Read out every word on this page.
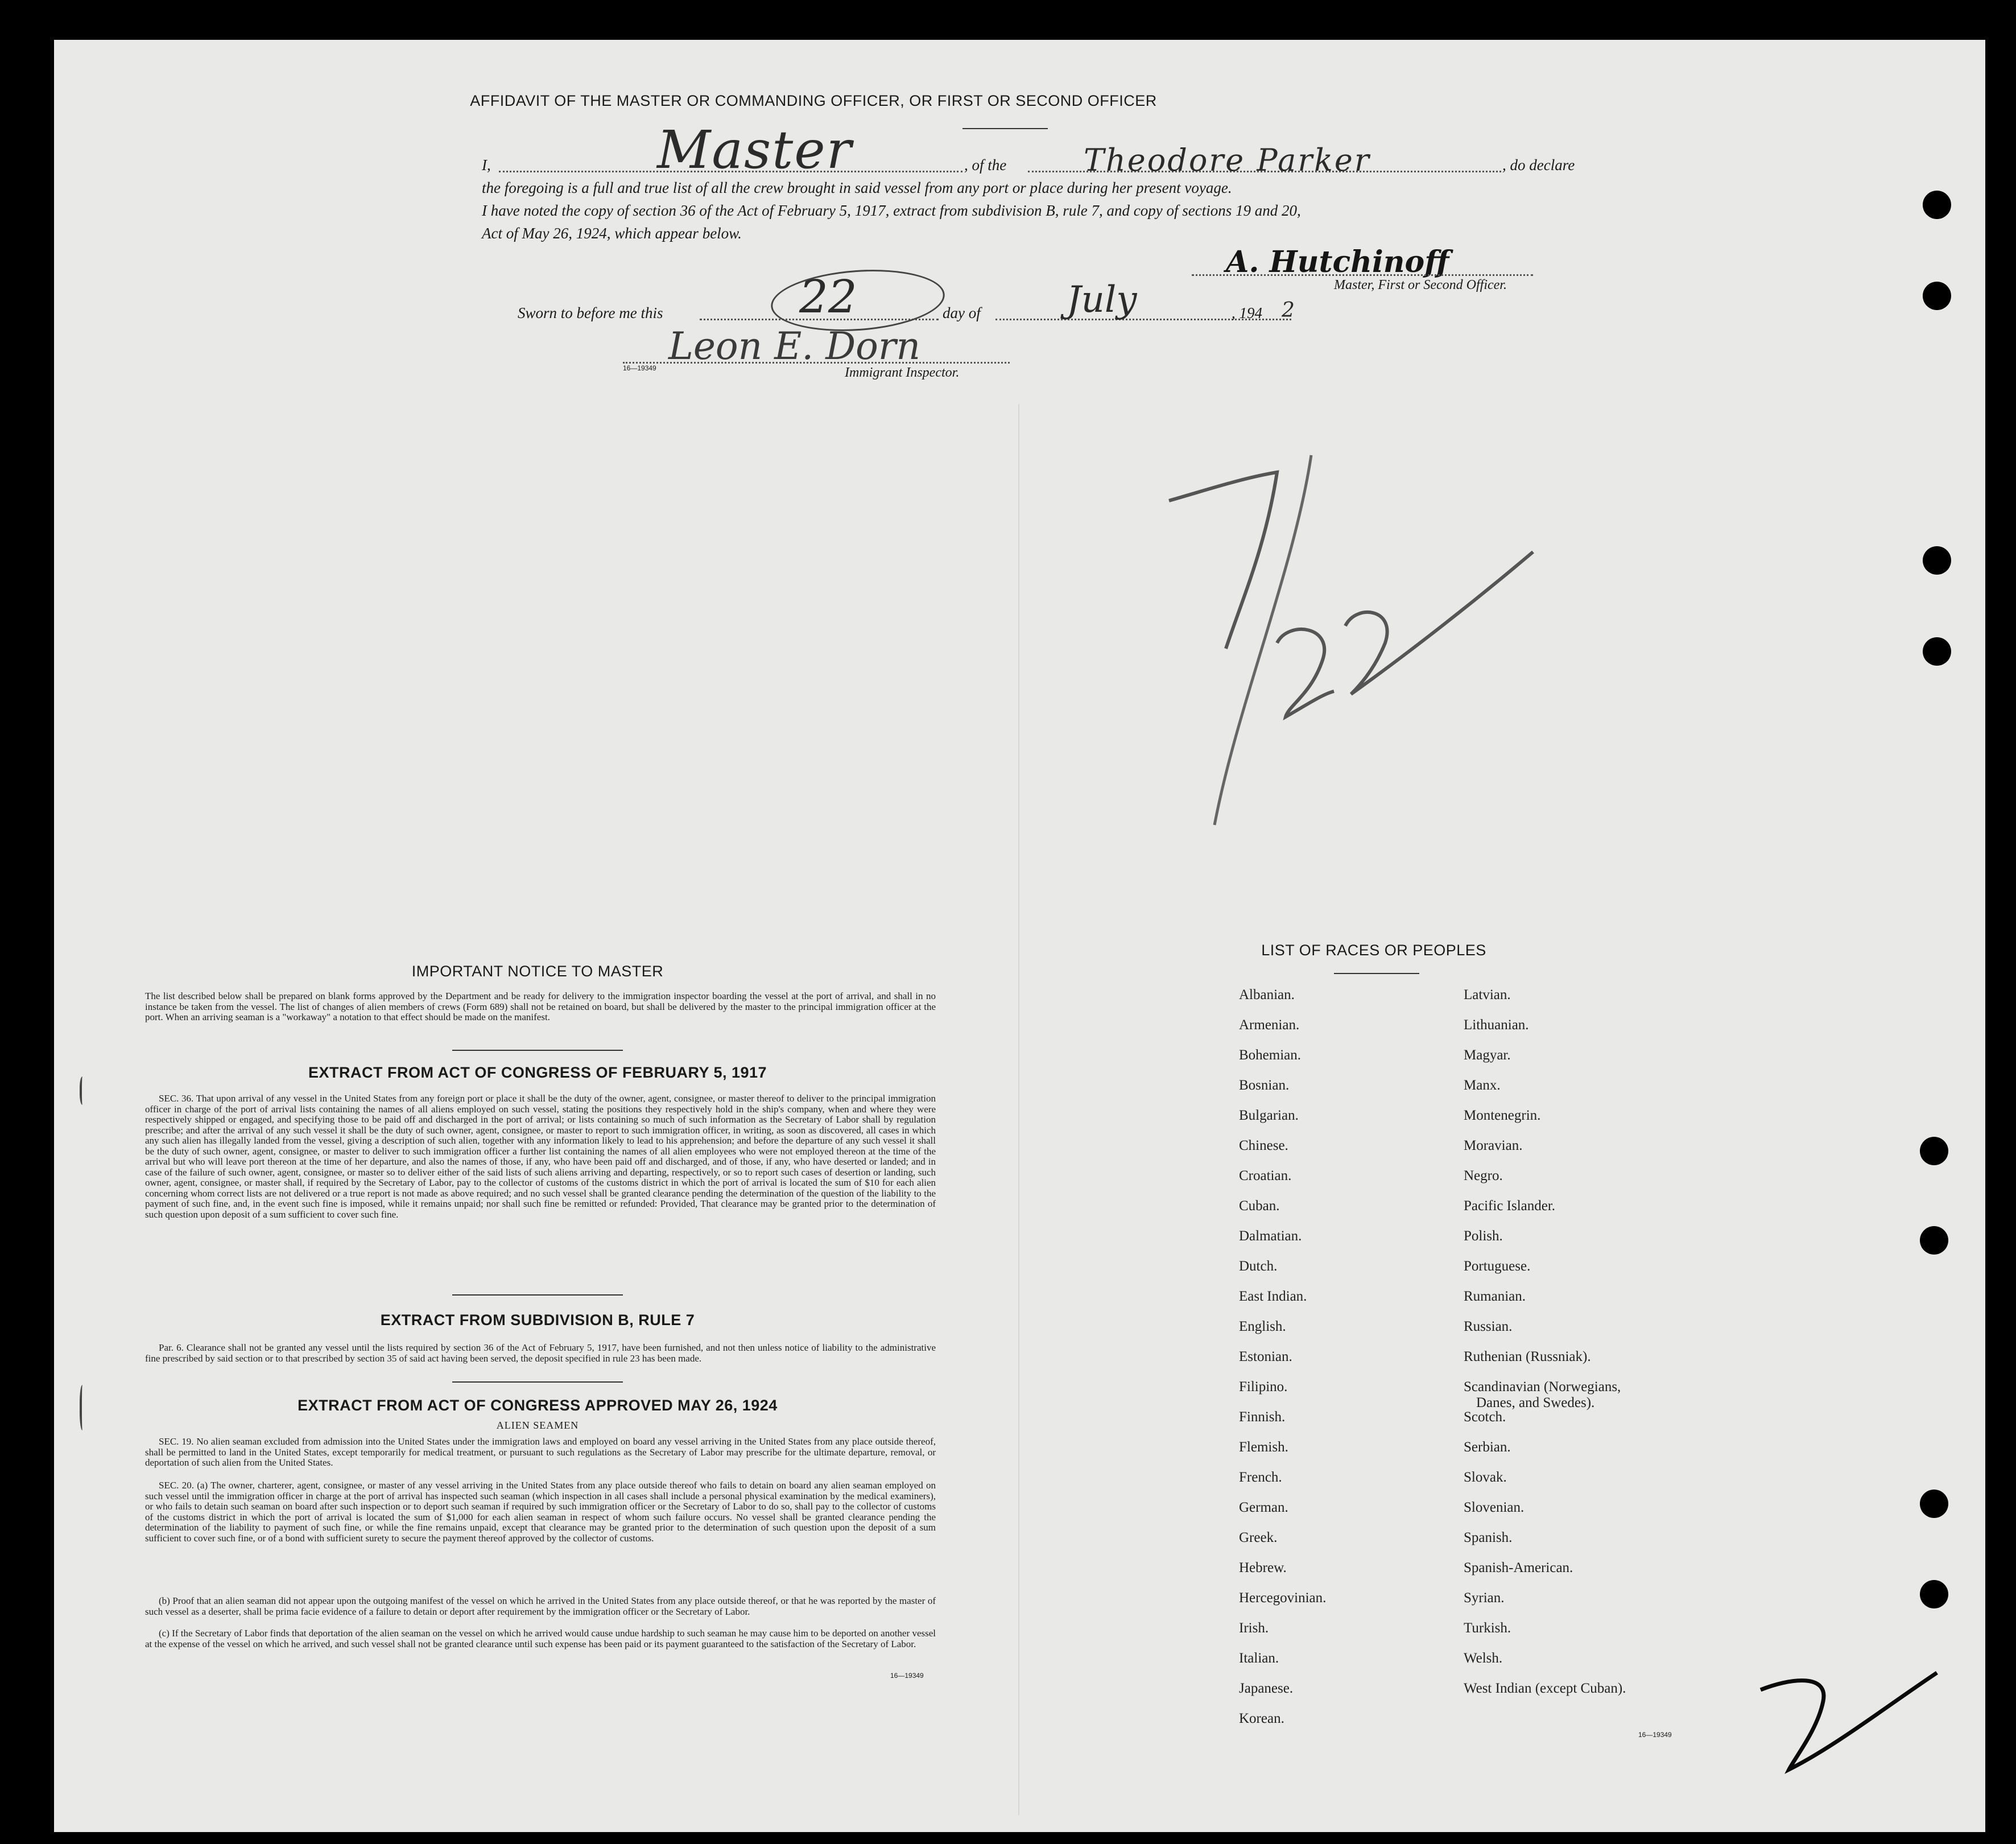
AFFIDAVIT OF THE MASTER OR COMMANDING OFFICER, OR FIRST OR SECOND OFFICER
I,	Master	, of the	Theodore Parker	, do declare
the foregoing is a full and true list of all the crew brought in said vessel from any port or place during her present voyage.
I have noted the copy of section 36 of the Act of February 5, 1917, extract from subdivision B, rule 7, and copy of sections 19 and 20,
Act of May 26, 1924, which appear below.
A. Hutchinoff
Master, First or Second Officer.
Sworn to before me this	22	day of July	, 194 2
Leon E. Dorn
16—19349	Immigrant Inspector.
IMPORTANT NOTICE TO MASTER
The list described below shall be prepared on blank forms approved by the Department and be ready for delivery to the immigration inspector boarding the vessel at the port of arrival, and shall in no instance be taken from the vessel. The list of changes of alien members of crews (Form 689) shall not be retained on board, but shall be delivered by the master to the principal immigration officer at the port. When an arriving seaman is a "workaway" a notation to that effect should be made on the manifest.
EXTRACT FROM ACT OF CONGRESS OF FEBRUARY 5, 1917
SEC. 36. That upon arrival of any vessel in the United States from any foreign port or place it shall be the duty of the owner, agent, consignee, or master thereof to deliver to the principal immigration officer in charge of the port of arrival lists containing the names of all aliens employed on such vessel, stating the positions they respectively hold in the ship's company, when and where they were respectively shipped or engaged, and specifying those to be paid off and discharged in the port of arrival; or lists containing so much of such information as the Secretary of Labor shall by regulation prescribe; and after the arrival of any such vessel it shall be the duty of such owner, agent, consignee, or master to report to such immigration officer, in writing, as soon as discovered, all cases in which any such alien has illegally landed from the vessel, giving a description of such alien, together with any information likely to lead to his apprehension; and before the departure of any such vessel it shall be the duty of such owner, agent, consignee, or master to deliver to such immigration officer a further list containing the names of all alien employees who were not employed thereon at the time of the arrival but who will leave port thereon at the time of her departure, and also the names of those, if any, who have been paid off and discharged, and of those, if any, who have deserted or landed; and in case of the failure of such owner, agent, consignee, or master so to deliver either of the said lists of such aliens arriving and departing, respectively, or so to report such cases of desertion or landing, such owner, agent, consignee, or master shall, if required by the Secretary of Labor, pay to the collector of customs of the customs district in which the port of arrival is located the sum of $10 for each alien concerning whom correct lists are not delivered or a true report is not made as above required; and no such vessel shall be granted clearance pending the determination of the question of the liability to the payment of such fine, and, in the event such fine is imposed, while it remains unpaid; nor shall such fine be remitted or refunded: Provided, That clearance may be granted prior to the determination of such question upon deposit of a sum sufficient to cover such fine.
EXTRACT FROM SUBDIVISION B, RULE 7
Par. 6. Clearance shall not be granted any vessel until the lists required by section 36 of the Act of February 5, 1917, have been furnished, and not then unless notice of liability to the administrative fine prescribed by said section or to that prescribed by section 35 of said act having been served, the deposit specified in rule 23 has been made.
EXTRACT FROM ACT OF CONGRESS APPROVED MAY 26, 1924
ALIEN SEAMEN
SEC. 19. No alien seaman excluded from admission into the United States under the immigration laws and employed on board any vessel arriving in the United States from any place outside thereof, shall be permitted to land in the United States, except temporarily for medical treatment, or pursuant to such regulations as the Secretary of Labor may prescribe for the ultimate departure, removal, or deportation of such alien from the United States.
SEC. 20. (a) The owner, charterer, agent, consignee, or master of any vessel arriving in the United States from any place outside thereof who fails to detain on board any alien seaman employed on such vessel until the immigration officer in charge at the port of arrival has inspected such seaman (which inspection in all cases shall include a personal physical examination by the medical examiners), or who fails to detain such seaman on board after such inspection or to deport such seaman if required by such immigration officer or the Secretary of Labor to do so, shall pay to the collector of customs of the customs district in which the port of arrival is located the sum of $1,000 for each alien seaman in respect of whom such failure occurs. No vessel shall be granted clearance pending the determination of the liability to payment of such fine, or while the fine remains unpaid, except that clearance may be granted prior to the determination of such question upon the deposit of a sum sufficient to cover such fine, or of a bond with sufficient surety to secure the payment thereof approved by the collector of customs.
(b) Proof that an alien seaman did not appear upon the outgoing manifest of the vessel on which he arrived in the United States from any place outside thereof, or that he was reported by the master of such vessel as a deserter, shall be prima facie evidence of a failure to detain or deport after requirement by the immigration officer or the Secretary of Labor.
(c) If the Secretary of Labor finds that deportation of the alien seaman on the vessel on which he arrived would cause undue hardship to such seaman he may cause him to be deported on another vessel at the expense of the vessel on which he arrived, and such vessel shall not be granted clearance until such expense has been paid or its payment guaranteed to the satisfaction of the Secretary of Labor.
16—19349
LIST OF RACES OR PEOPLES
16—19349
Albanian.
Armenian.
Bohemian.
Bosnian.
Bulgarian.
Chinese.
Croatian.
Cuban.
Dalmatian.
Dutch.
East Indian.
English.
Estonian.
Filipino.
Finnish.
Flemish.
French.
German.
Greek.
Hebrew.
Hercegovinian.
Irish.
Italian.
Japanese.
Korean.
Latvian.
Lithuanian.
Magyar.
Manx.
Montenegrin.
Moravian.
Negro.
Pacific Islander.
Polish.
Portuguese.
Rumanian.
Russian.
Ruthenian (Russniak).
Scandinavian (Norwegians,
Danes, and Swedes).
Scotch.
Serbian.
Slovak.
Slovenian.
Spanish.
Spanish-American.
Syrian.
Turkish.
Welsh.
West Indian (except Cuban).
